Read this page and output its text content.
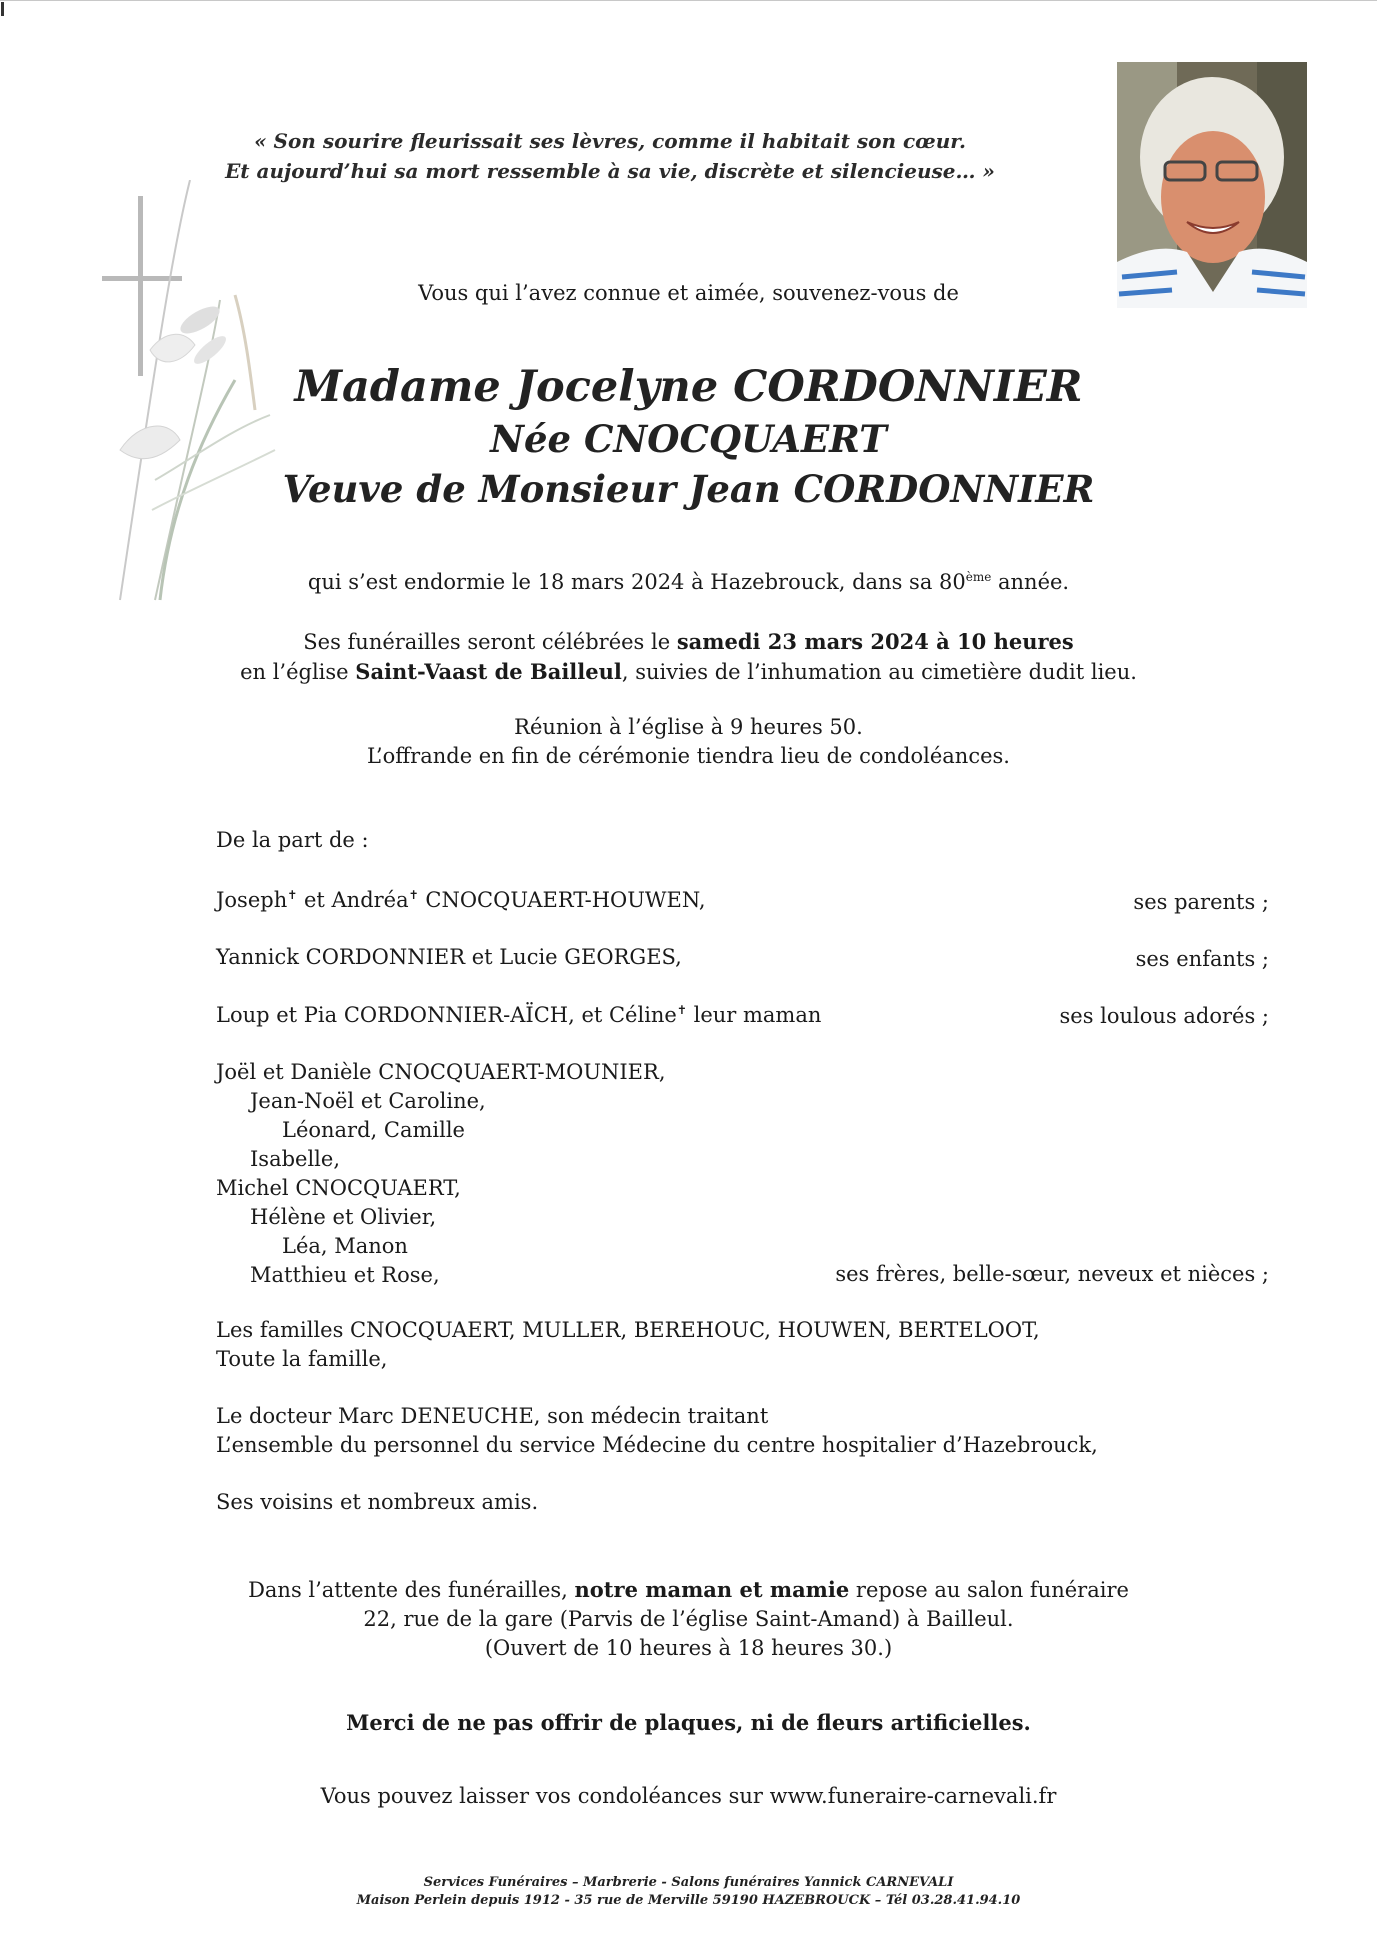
« Son sourire fleurissait ses lèvres, comme il habitait son cœur.
Et aujourd’hui sa mort ressemble à sa vie, discrète et silencieuse… »
Vous qui l’avez connue et aimée, souvenez-vous de
Madame Jocelyne CORDONNIER
Née CNOCQUAERT
Veuve de Monsieur Jean CORDONNIER
qui s’est endormie le 18 mars 2024 à Hazebrouck, dans sa 80ème année.
Ses funérailles seront célébrées le samedi 23 mars 2024 à 10 heures
en l’église Saint-Vaast de Bailleul, suivies de l’inhumation au cimetière dudit lieu.
Réunion à l’église à 9 heures 50.
L’offrande en fin de cérémonie tiendra lieu de condoléances.
De la part de :
Joseph✝ et Andréa✝ CNOCQUAERT-HOUWEN,	ses parents ;
Yannick CORDONNIER et Lucie GEORGES,	ses enfants ;
Loup et Pia CORDONNIER-AÏCH, et Céline✝ leur maman	ses loulous adorés ;
Joël et Danièle CNOCQUAERT-MOUNIER,
Jean-Noël et Caroline,
Léonard, Camille
Isabelle,
Michel CNOCQUAERT,
Hélène et Olivier,
Léa, Manon
Matthieu et Rose,	ses frères, belle-sœur, neveux et nièces ;
Les familles CNOCQUAERT, MULLER, BEREHOUC, HOUWEN, BERTELOOT,
Toute la famille,
Le docteur Marc DENEUCHE, son médecin traitant
L’ensemble du personnel du service Médecine du centre hospitalier d’Hazebrouck,
Ses voisins et nombreux amis.
Dans l’attente des funérailles, notre maman et mamie repose au salon funéraire
22, rue de la gare (Parvis de l’église Saint-Amand) à Bailleul.
(Ouvert de 10 heures à 18 heures 30.)
Merci de ne pas offrir de plaques, ni de fleurs artificielles.
Vous pouvez laisser vos condoléances sur www.funeraire-carnevali.fr
Services Funéraires – Marbrerie - Salons funéraires Yannick CARNEVALI
Maison Perlein depuis 1912 - 35 rue de Merville 59190 HAZEBROUCK – Tél 03.28.41.94.10
